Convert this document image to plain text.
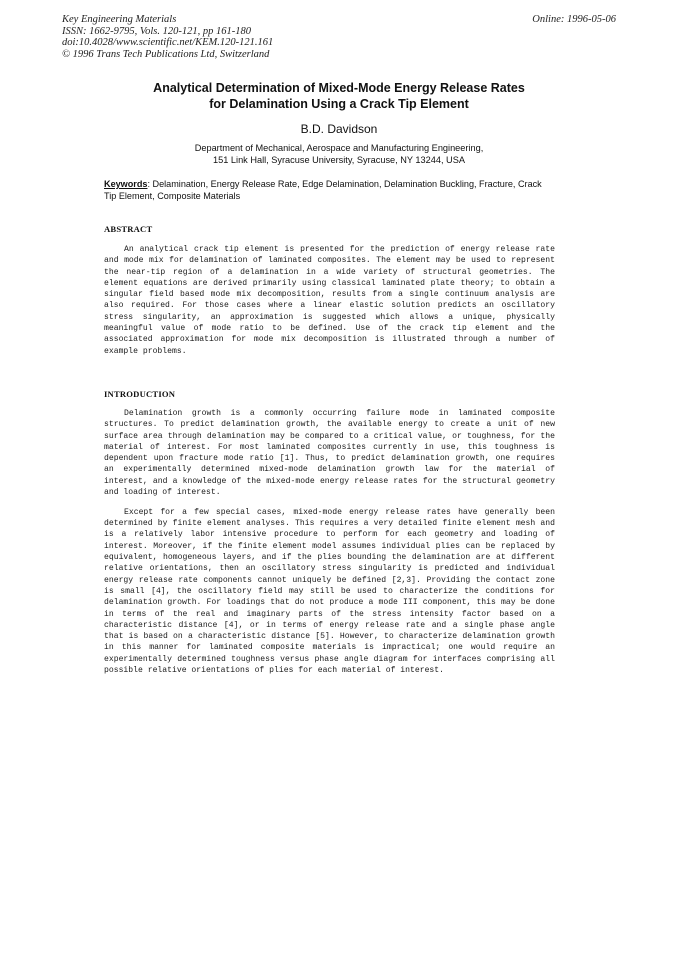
Key Engineering Materials
ISSN: 1662-9795, Vols. 120-121, pp 161-180
doi:10.4028/www.scientific.net/KEM.120-121.161
© 1996 Trans Tech Publications Ltd, Switzerland
Online: 1996-05-06
Analytical Determination of Mixed-Mode Energy Release Rates
for Delamination Using a Crack Tip Element
B.D. Davidson
Department of Mechanical, Aerospace and Manufacturing Engineering,
151 Link Hall, Syracuse University, Syracuse, NY 13244, USA
Keywords: Delamination, Energy Release Rate, Edge Delamination, Delamination Buckling, Fracture, Crack Tip Element, Composite Materials
ABSTRACT

An analytical crack tip element is presented for the prediction of energy release rate and mode mix for delamination of laminated composites. The element may be used to represent the near-tip region of a delamination in a wide variety of structural geometries. The element equations are derived primarily using classical laminated plate theory; to obtain a singular field based mode mix decomposition, results from a single continuum analysis are also required. For those cases where a linear elastic solution predicts an oscillatory stress singularity, an approximation is suggested which allows a unique, physically meaningful value of mode ratio to be defined. Use of the crack tip element and the associated approximation for mode mix decomposition is illustrated through a number of example problems.

INTRODUCTION

Delamination growth is a commonly occurring failure mode in laminated composite structures. To predict delamination growth, the available energy to create a unit of new surface area through delamination may be compared to a critical value, or toughness, for the material of interest. For most laminated composites currently in use, this toughness is dependent upon fracture mode ratio [1]. Thus, to predict delamination growth, one requires an experimentally determined mixed-mode delamination growth law for the material of interest, and a knowledge of the mixed-mode energy release rates for the structural geometry and loading of interest.

Except for a few special cases, mixed-mode energy release rates have generally been determined by finite element analyses. This requires a very detailed finite element mesh and is a relatively labor intensive procedure to perform for each geometry and loading of interest. Moreover, if the finite element model assumes individual plies can be replaced by equivalent, homogeneous layers, and if the plies bounding the delamination are at different relative orientations, then an oscillatory stress singularity is predicted and individual energy release rate components cannot uniquely be defined [2,3]. Providing the contact zone is small [4], the oscillatory field may still be used to characterize the conditions for delamination growth. For loadings that do not produce a mode III component, this may be done in terms of the real and imaginary parts of the stress intensity factor based on a characteristic distance [4], or in terms of energy release rate and a single phase angle that is based on a characteristic distance [5]. However, to characterize delamination growth in this manner for laminated composite materials is impractical; one would require an experimentally determined toughness versus phase angle diagram for interfaces comprising all possible relative orientations of plies for each material of interest.
